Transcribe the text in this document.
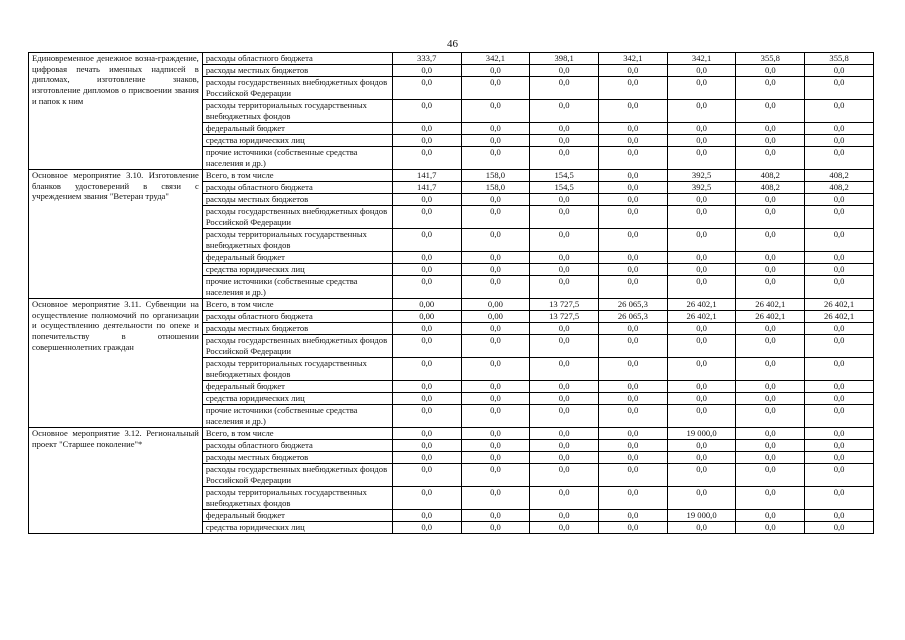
46
Единовременное денежное возна-граждение, цифровая печать именных надписей в дипломах, изготовление знаков, изготовление дипломов о присвоении звания и папок к ним	расходы областного бюджета	333,7	342,1	398,1	342,1	342,1	355,8	355,8
	расходы местных бюджетов	0,0	0,0	0,0	0,0	0,0	0,0	0,0
	расходы государственных внебюджетных фондов Российской Федерации	0,0	0,0	0,0	0,0	0,0	0,0	0,0
	расходы территориальных государственных внебюджетных фондов	0,0	0,0	0,0	0,0	0,0	0,0	0,0
	федеральный бюджет	0,0	0,0	0,0	0,0	0,0	0,0	0,0
	средства юридических лиц	0,0	0,0	0,0	0,0	0,0	0,0	0,0
	прочие источники (собственные средства населения и др.)	0,0	0,0	0,0	0,0	0,0	0,0	0,0
Основное мероприятие 3.10. Изготовление бланков удостоверений в связи с учреждением звания "Ветеран труда"	Всего, в том числе	141,7	158,0	154,5	0,0	392,5	408,2	408,2
	расходы областного бюджета	141,7	158,0	154,5	0,0	392,5	408,2	408,2
	расходы местных бюджетов	0,0	0,0	0,0	0,0	0,0	0,0	0,0
	расходы государственных внебюджетных фондов Российской Федерации	0,0	0,0	0,0	0,0	0,0	0,0	0,0
	расходы территориальных государственных внебюджетных фондов	0,0	0,0	0,0	0,0	0,0	0,0	0,0
	федеральный бюджет	0,0	0,0	0,0	0,0	0,0	0,0	0,0
	средства юридических лиц	0,0	0,0	0,0	0,0	0,0	0,0	0,0
	прочие источники (собственные средства населения и др.)	0,0	0,0	0,0	0,0	0,0	0,0	0,0
Основное мероприятие 3.11. Субвенции на осуществление полномочий по организации и осуществлению деятельности по опеке и попечительству в отношении совершеннолетних граждан	Всего, в том числе	0,00	0,00	13 727,5	26 065,3	26 402,1	26 402,1	26 402,1
	расходы областного бюджета	0,00	0,00	13 727,5	26 065,3	26 402,1	26 402,1	26 402,1
	расходы местных бюджетов	0,0	0,0	0,0	0,0	0,0	0,0	0,0
	расходы государственных внебюджетных фондов Российской Федерации	0,0	0,0	0,0	0,0	0,0	0,0	0,0
	расходы территориальных государственных внебюджетных фондов	0,0	0,0	0,0	0,0	0,0	0,0	0,0
	федеральный бюджет	0,0	0,0	0,0	0,0	0,0	0,0	0,0
	средства юридических лиц	0,0	0,0	0,0	0,0	0,0	0,0	0,0
	прочие источники (собственные средства населения и др.)	0,0	0,0	0,0	0,0	0,0	0,0	0,0
Основное мероприятие 3.12. Региональный проект "Старшее поколение"*	Всего, в том числе	0,0	0,0	0,0	0,0	19 000,0	0,0	0,0
	расходы областного бюджета	0,0	0,0	0,0	0,0	0,0	0,0	0,0
	расходы местных бюджетов	0,0	0,0	0,0	0,0	0,0	0,0	0,0
	расходы государственных внебюджетных фондов Российской Федерации	0,0	0,0	0,0	0,0	0,0	0,0	0,0
	расходы территориальных государственных внебюджетных фондов	0,0	0,0	0,0	0,0	0,0	0,0	0,0
	федеральный бюджет	0,0	0,0	0,0	0,0	19 000,0	0,0	0,0
	средства юридических лиц	0,0	0,0	0,0	0,0	0,0	0,0	0,0
